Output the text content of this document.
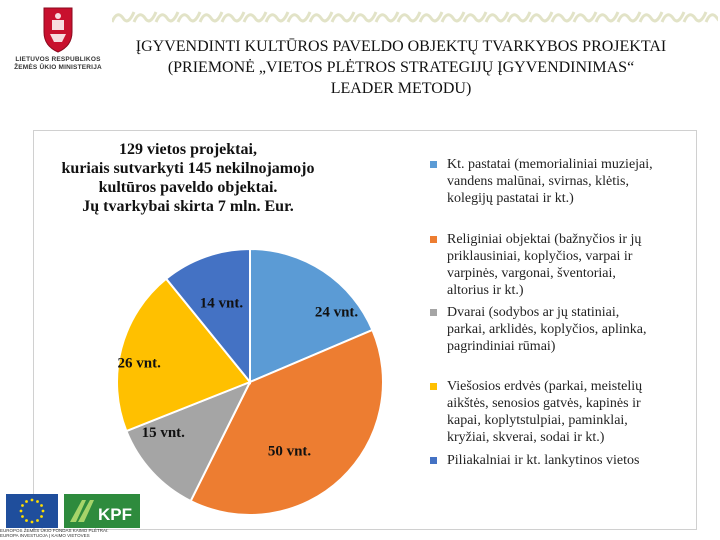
LIETUVOS RESPUBLIKOS
ŽEMĖS ŪKIO MINISTERIJA
ĮGYVENDINTI KULTŪROS PAVELDO OBJEKTŲ TVARKYBOS PROJEKTAI
(PRIEMONĖ „VIETOS PLĖTROS STRATEGIJŲ ĮGYVENDINIMAS“
LEADER METODU)
129 vietos projektai,
kuriais sutvarkyti 145 nekilnojamojo
kultūros paveldo objektai.
Jų tvarkybai skirta 7 mln. Eur.
24 vnt.
50 vnt.
15 vnt.
26 vnt.
14 vnt.
Kt. pastatai (memorialiniai muziejai,
vandens malūnai, svirnas, klėtis,
kolegijų pastatai ir kt.)
Religiniai objektai (bažnyčios ir jų
priklausiniai, koplyčios, varpai ir
varpinės, vargonai, šventoriai,
altorius ir kt.)
Dvarai (sodybos ar jų statiniai,
parkai, arklidės, koplyčios, aplinka,
pagrindiniai rūmai)
Viešosios erdvės (parkai, meistelių
aikštės, senosios gatvės, kapinės ir
kapai, koplytstulpiai, paminklai,
kryžiai, skverai, sodai ir kt.)
Piliakalniai ir kt. lankytinos vietos
KPF
EUROPOS ŽEMĖS ŪKIO FONDAS KAIMO PLĖTRAI:
EUROPA INVESTUOJA Į KAIMO VIETOVES
